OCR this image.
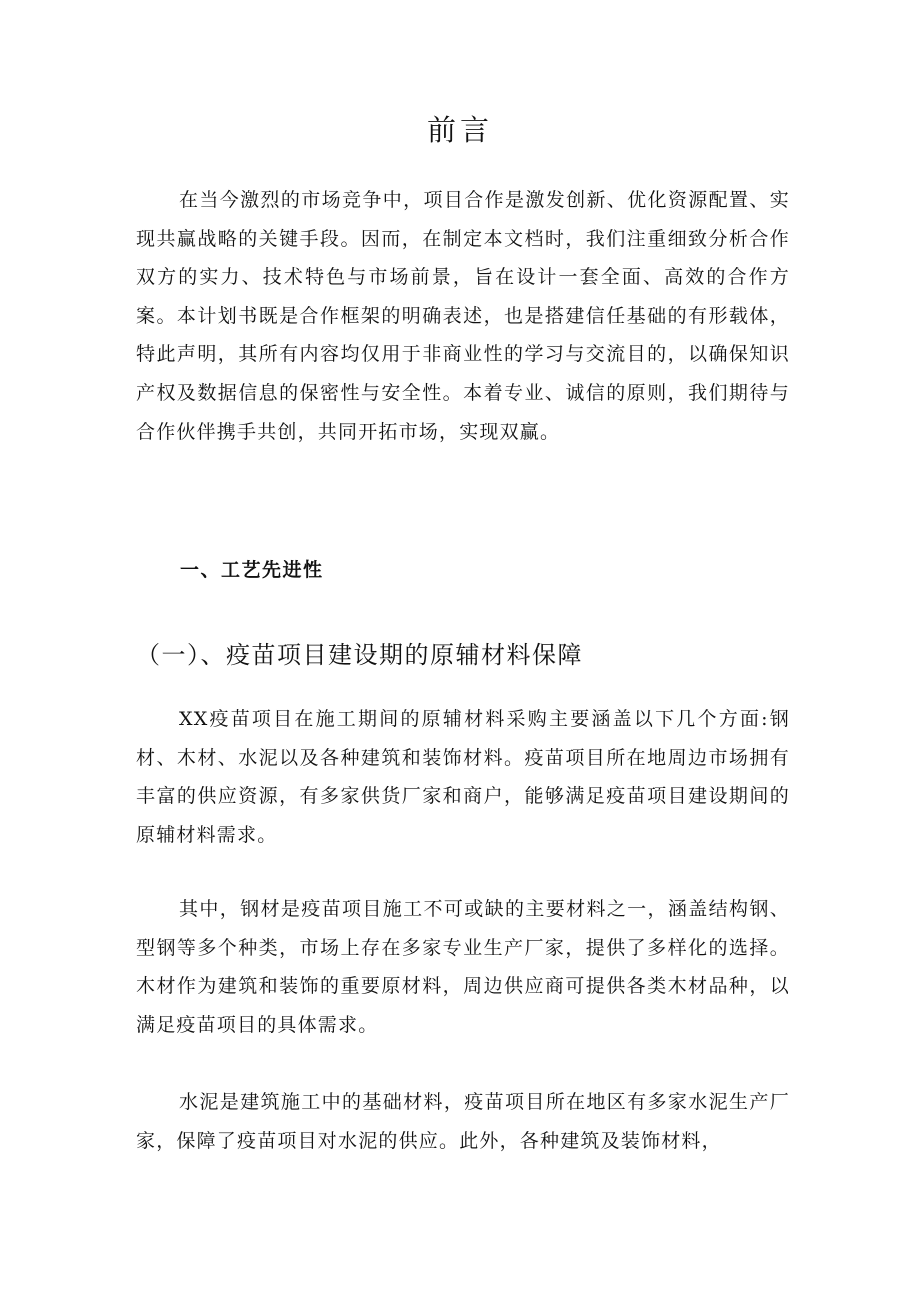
前言

在当今激烈的市场竞争中，项目合作是激发创新、优化资源配置、实现共赢战略的关键手段。因而，在制定本文档时，我们注重细致分析合作双方的实力、技术特色与市场前景，旨在设计一套全面、高效的合作方案。本计划书既是合作框架的明确表述，也是搭建信任基础的有形载体，特此声明，其所有内容均仅用于非商业性的学习与交流目的，以确保知识产权及数据信息的保密性与安全性。本着专业、诚信的原则，我们期待与合作伙伴携手共创，共同开拓市场，实现双赢。

一、工艺先进性
（一）、疫苗项目建设期的原辅材料保障

XX疫苗项目在施工期间的原辅材料采购主要涵盖以下几个方面:钢材、木材、水泥以及各种建筑和装饰材料。疫苗项目所在地周边市场拥有丰富的供应资源，有多家供货厂家和商户，能够满足疫苗项目建设期间的原辅材料需求。

其中，钢材是疫苗项目施工不可或缺的主要材料之一，涵盖结构钢、型钢等多个种类，市场上存在多家专业生产厂家，提供了多样化的选择。木材作为建筑和装饰的重要原材料，周边供应商可提供各类木材品种，以满足疫苗项目的具体需求。

水泥是建筑施工中的基础材料，疫苗项目所在地区有多家水泥生产厂家，保障了疫苗项目对水泥的供应。此外，各种建筑及装饰材料，
